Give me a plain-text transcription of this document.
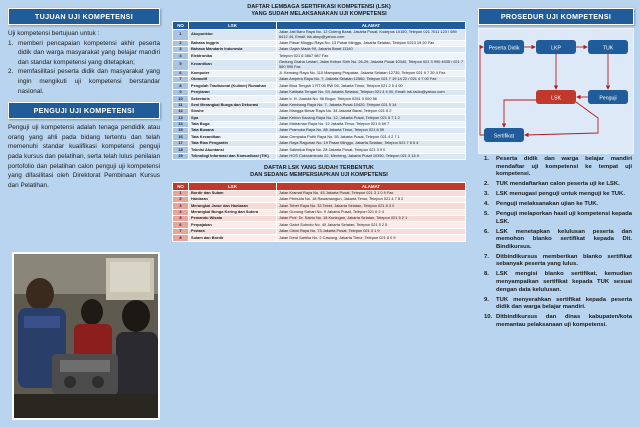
TUJUAN UJI KOMPETENSI

Uji kompetensi bertujuan untuk :

1. memberi pencapaian kompetensi akhir peserta didik dan warga masyarakat yang belajar mandiri dan standar kompetensi yang ditetapkan;
2. memfasilitasi peserta didik dan masyarakat yang ingin mengikuti uji kompetensi berstandar nasional.
PENGUJI UJI KOMPETENSI
Penguji uji kompetensi adalah tenaga pendidik atau orang yang ahli pada bidang tertentu dan telah memenuhi standar kualifikasi kompetensi penguji pada kursus dan pelatihan, serta telah lulus penilaian portofolio dan pelatihan calon penguji uji kompetensi yang difasilitasi oleh Direktorat Pembinaan Kursus dan Pelatihan.
DAFTAR LEMBAGA SERTIFIKASI KOMPETENSI (LSK)
YANG SUDAH MELAKSANAKAN UJI KOMPETENSI
NO	LSK	ALAMAT
1	Akupunktur	Jalan Jati Baru Raya No. 12 Cideng Barat, Jakarta Pusat, Kodepos 10150, Telepon 021 7011 123 / 089 6412 44, Email: lsk.akup@yahoo.com
2	Bahasa Inggris	Jalan Pasar Minggu Raya No. 13 Pasar Minggu, Jakarta Selatan, Telepon 0213 19 20 Fax
3	Bahasa Mandarin Indonesia	Jalan Gajah Mada 99, Jakarta Barat 11140
4	Elektronika	Telepon 021 6 3867 987 Fax
5	Kecantikan	Gedung Graha Lestari, Jalan Kebon Sirih No. 26-29, Jakarta Pusat 10340, Telepon 021 3 990 4535 / 021 7 560 999 Fax
6	Komputer	Jl. Kemang Raya No. 110 Mampang Prapatan, Jakarta Selatan 12730, Telepon 021 9 7 39 4 Fax
7	Otomotif	Jalan Ampera Raya No. 7, Jakarta Selatan 12560, Telepon 021 7 19 14 22 / 021 4 7 00 Fax
8	Pengolah Tradisional (Kuliner) Rumahan	Jalan Bina Tengah 1 RT 05 RW 06, Jakarta Timur, Telepon 021 2 5 4 00
9	Penyiaran	Jalan Kalibata Tengah No. 54 Jakarta Selatan, Telepon 021 4 4 00, Email: lsk.radio@yahoo.com
10	Sekretaris	Jalan Ir. H. Juanda No. 96 Bogor, Telepon 0251 3 000 56
11	Seni Merangkai Bunga dan Dekorasi	Jalan Kembang Raya No. 7, Jakarta Pusat 10420, Telepon 021 5 14
12	Sinshe	Jalan Mangga Besar Raya No. 34 Jakarta Barat, Telepon 021 6 2
13	Spa	Jalan Kebon Kacang Raya No. 12, Jakarta Pusat, Telepon 021 5 7 1 2
14	Tata Boga	Jalan Matraman Raya No. 12 Jakarta Timur, Telepon 021 8 59 7
15	Tata Busana	Jalan Pramuka Raya No. 88 Jakarta Timur, Telepon 021 8 59
16	Tata Kecantikan	Jalan Cempaka Putih Raya No. 55 Jakarta Pusat, Telepon 021 4 2 7 1
17	Tata Rias Pengantin	Jalan Raya Ragunan No. 19 Pasar Minggu, Jakarta Selatan, Telepon 021 7 8 6 4
18	Teknisi Akuntansi	Jalan Salemba Raya No. 28 Jakarta Pusat, Telepon 021 3 9 0
19	Teknologi Informasi dan Komunikasi (TIK)	Jalan HOS Cokroaminoto 22, Menteng, Jakarta Pusat 10350, Telepon 021 3 14 5
DAFTAR LSK YANG SUDAH TERBENTUK
DAN SEDANG MEMPERSIAPKAN UJI KOMPETENSI
NO	LSK	ALAMAT
1	Bordir dan Sulam	Jalan Kramat Raya No. 45 Jakarta Pusat, Telepon 021 3 1 0 9 Fax
2	Hantaran	Jalan Pemuda No. 18 Rawamangun, Jakarta Timur, Telepon 021 4 7 8 2
3	Merangkai Janur dan Hantaran	Jalan Tebet Raya No. 33 Tebet, Jakarta Selatan, Telepon 021 8 3 0
4	Merangkai Bunga Kering dan Sutera	Jalan Gunung Sahari No. 9 Jakarta Pusat, Telepon 021 6 2 4
5	Pemandu Wisata	Jalan Prof. Dr. Satrio No. 18 Kuningan, Jakarta Selatan, Telepon 021 5 2 1
6	Perpajakan	Jalan Gatot Subroto No. 40 Jakarta Selatan, Telepon 021 5 2 5
7	Pewara	Jalan Cikini Raya No. 73 Jakarta Pusat, Telepon 021 3 1 9
8	Sulam dan Bordir	Jalan Dewi Sartika No. 2 Cawang, Jakarta Timur, Telepon 021 8 0 9
PROSEDUR UJI KOMPETENSI
Peserta Didik	LKP	TUK
Penguji
LSK
Sertifikat
1.	Peserta didik dan warga belajar mandiri mendaftar uji kompetensi ke tempat uji kompetensi.
2.	TUK mendaftarkan calon peserta uji ke LSK.
3.	LSK menugasi penguji untuk menguji ke TUK.
4.	Penguji melaksanakan ujian ke TUK.
5.	Penguji melaporkan hasil uji kompetensi kepada LSK.
6.	LSK menetapkan kelulusan peserta dan memohon blanko sertifikat kepada Dit. Bindikursus.
7.	Ditbindikursus memberikan blanko sertifikat sebanyak peserta yang lulus.
8.	LSK mengisi blanko sertifikat, kemudian menyampaikan sertifikat kepada TUK sesuai dengan data kelulusan.
9.	TUK menyerahkan sertifikat kepada peserta didik dan warga belajar mandiri.
10. Ditbindikursus dan dinas kabupaten/kota memantau pelaksanaan uji kompetensi.
